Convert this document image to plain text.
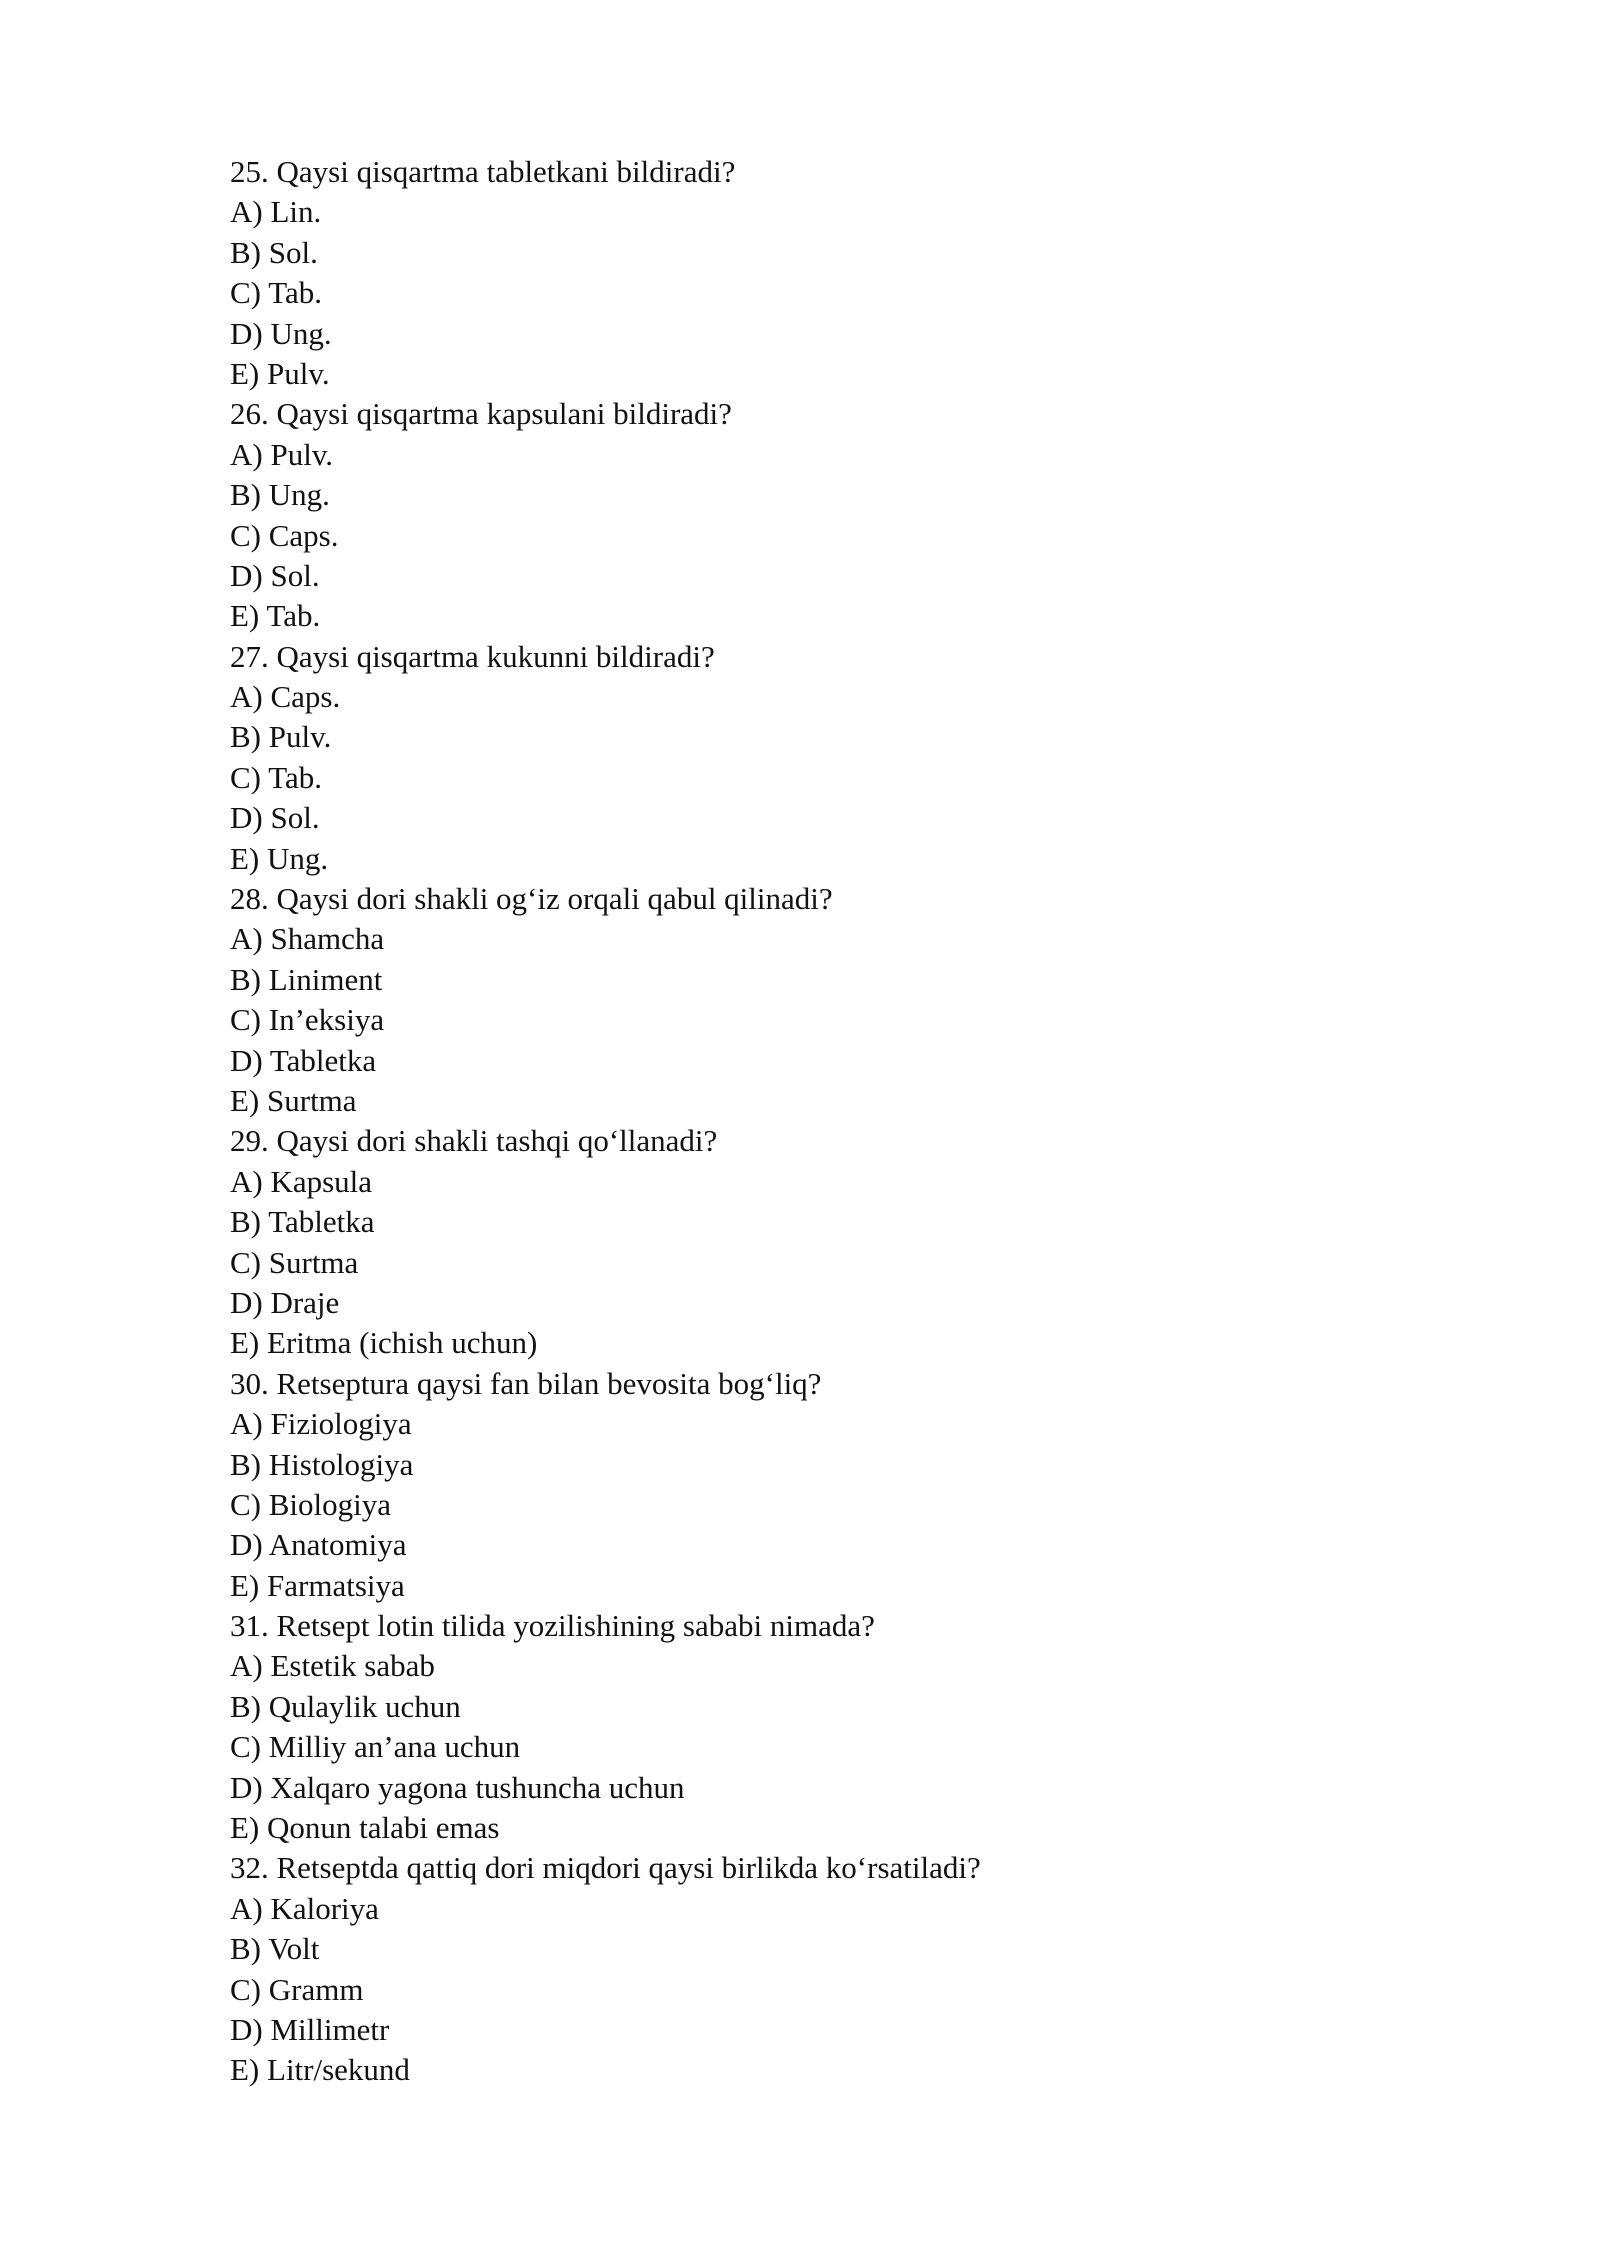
25. Qaysi qisqartma tabletkani bildiradi?

A) Lin.

B) Sol.

C) Tab.

D) Ung.

E) Pulv.

26. Qaysi qisqartma kapsulani bildiradi?

A) Pulv.

B) Ung.

C) Caps.

D) Sol.

E) Tab.

27. Qaysi qisqartma kukunni bildiradi?

A) Caps.

B) Pulv.

C) Tab.

D) Sol.

E) Ung.

28. Qaysi dori shakli og‘iz orqali qabul qilinadi?

A) Shamcha

B) Liniment

C) In’eksiya

D) Tabletka

E) Surtma

29. Qaysi dori shakli tashqi qo‘llanadi?

A) Kapsula

B) Tabletka

C) Surtma

D) Draje

E) Eritma (ichish uchun)

30. Retseptura qaysi fan bilan bevosita bog‘liq?

A) Fiziologiya

B) Histologiya

C) Biologiya

D) Anatomiya

E) Farmatsiya

31. Retsept lotin tilida yozilishining sababi nimada?

A) Estetik sabab

B) Qulaylik uchun

C) Milliy an’ana uchun

D) Xalqaro yagona tushuncha uchun

E) Qonun talabi emas

32. Retseptda qattiq dori miqdori qaysi birlikda ko‘rsatiladi?

A) Kaloriya

B) Volt

C) Gramm

D) Millimetr

E) Litr/sekund
